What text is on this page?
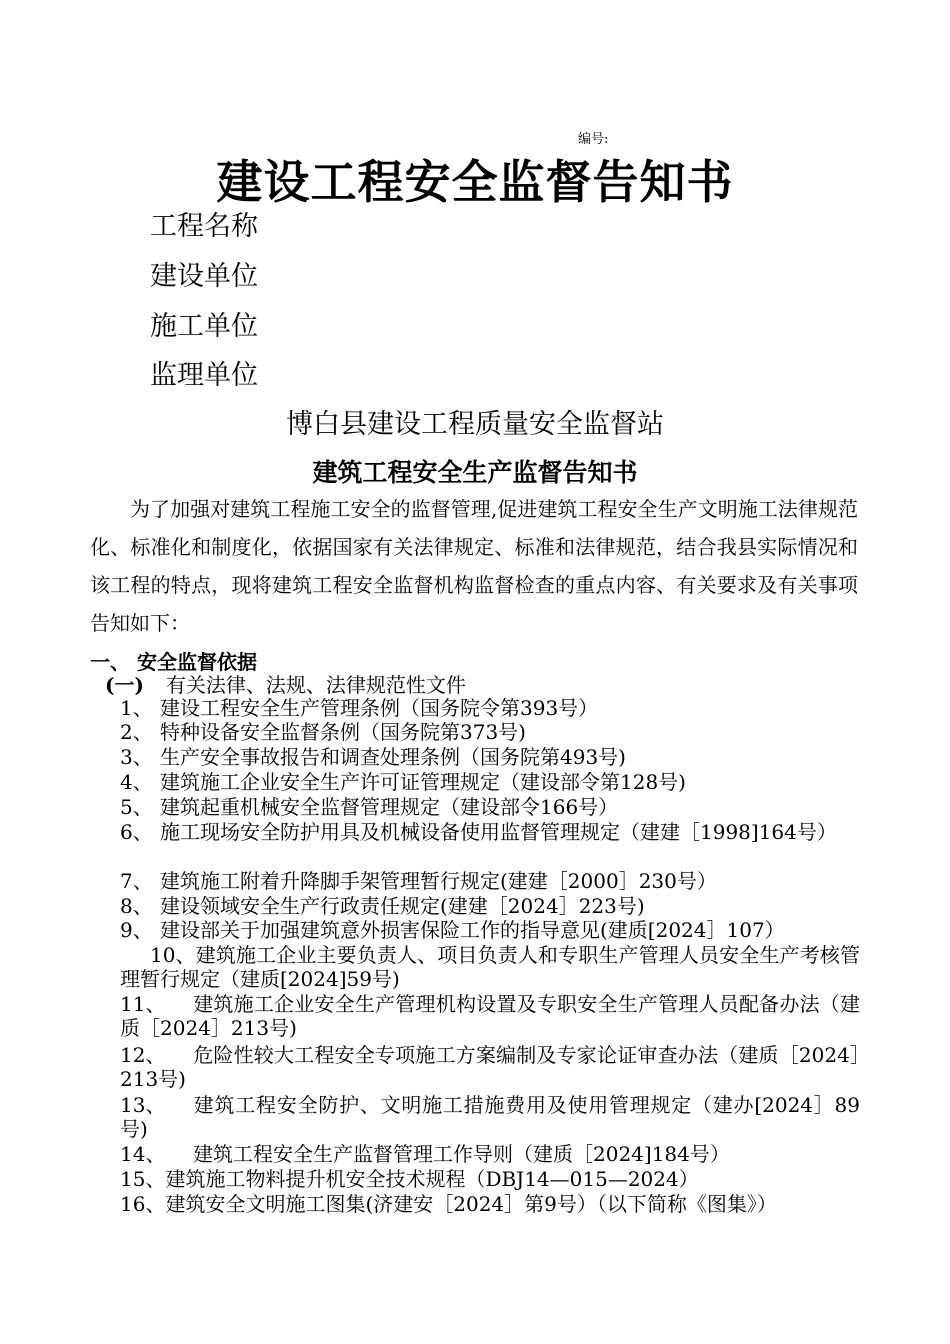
编号:
建设工程安全监督告知书
工程名称
建设单位
施工单位
监理单位
博白县建设工程质量安全监督站
建筑工程安全生产监督告知书
为了加强对建筑工程施工安全的监督管理,促进建筑工程安全生产文明施工法律规范化、标准化和制度化，依据国家有关法律规定、标准和法律规范，结合我县实际情况和该工程的特点，现将建筑工程安全监督机构监督检查的重点内容、有关要求及有关事项告知如下：
一、 安全监督依据
(一) 有关法律、法规、法律规范性文件
1、 建设工程安全生产管理条例（国务院令第393号）
2、 特种设备安全监督条例（国务院第373号)
3、 生产安全事故报告和调查处理条例（国务院第493号)
4、 建筑施工企业安全生产许可证管理规定（建设部令第128号)
5、 建筑起重机械安全监督管理规定（建设部令166号）
6、 施工现场安全防护用具及机械设备使用监督管理规定（建建［1998]164号）
7、 建筑施工附着升降脚手架管理暂行规定(建建［2000］230号）
8、 建设领域安全生产行政责任规定(建建［2024］223号)
9、 建设部关于加强建筑意外损害保险工作的指导意见(建质[2024］107）
10、建筑施工企业主要负责人、项目负责人和专职生产管理人员安全生产考核管理暂行规定（建质[2024]59号)
11、 建筑施工企业安全生产管理机构设置及专职安全生产管理人员配备办法（建质［2024］213号)
12、 危险性较大工程安全专项施工方案编制及专家论证审查办法（建质［2024］213号)
13、 建筑工程安全防护、文明施工措施费用及使用管理规定（建办[2024］89号)
14、 建筑工程安全生产监督管理工作导则（建质［2024]184号）
15、建筑施工物料提升机安全技术规程（DBJ14—015—2024）
16、建筑安全文明施工图集(济建安［2024］第9号）（以下简称《图集》）
